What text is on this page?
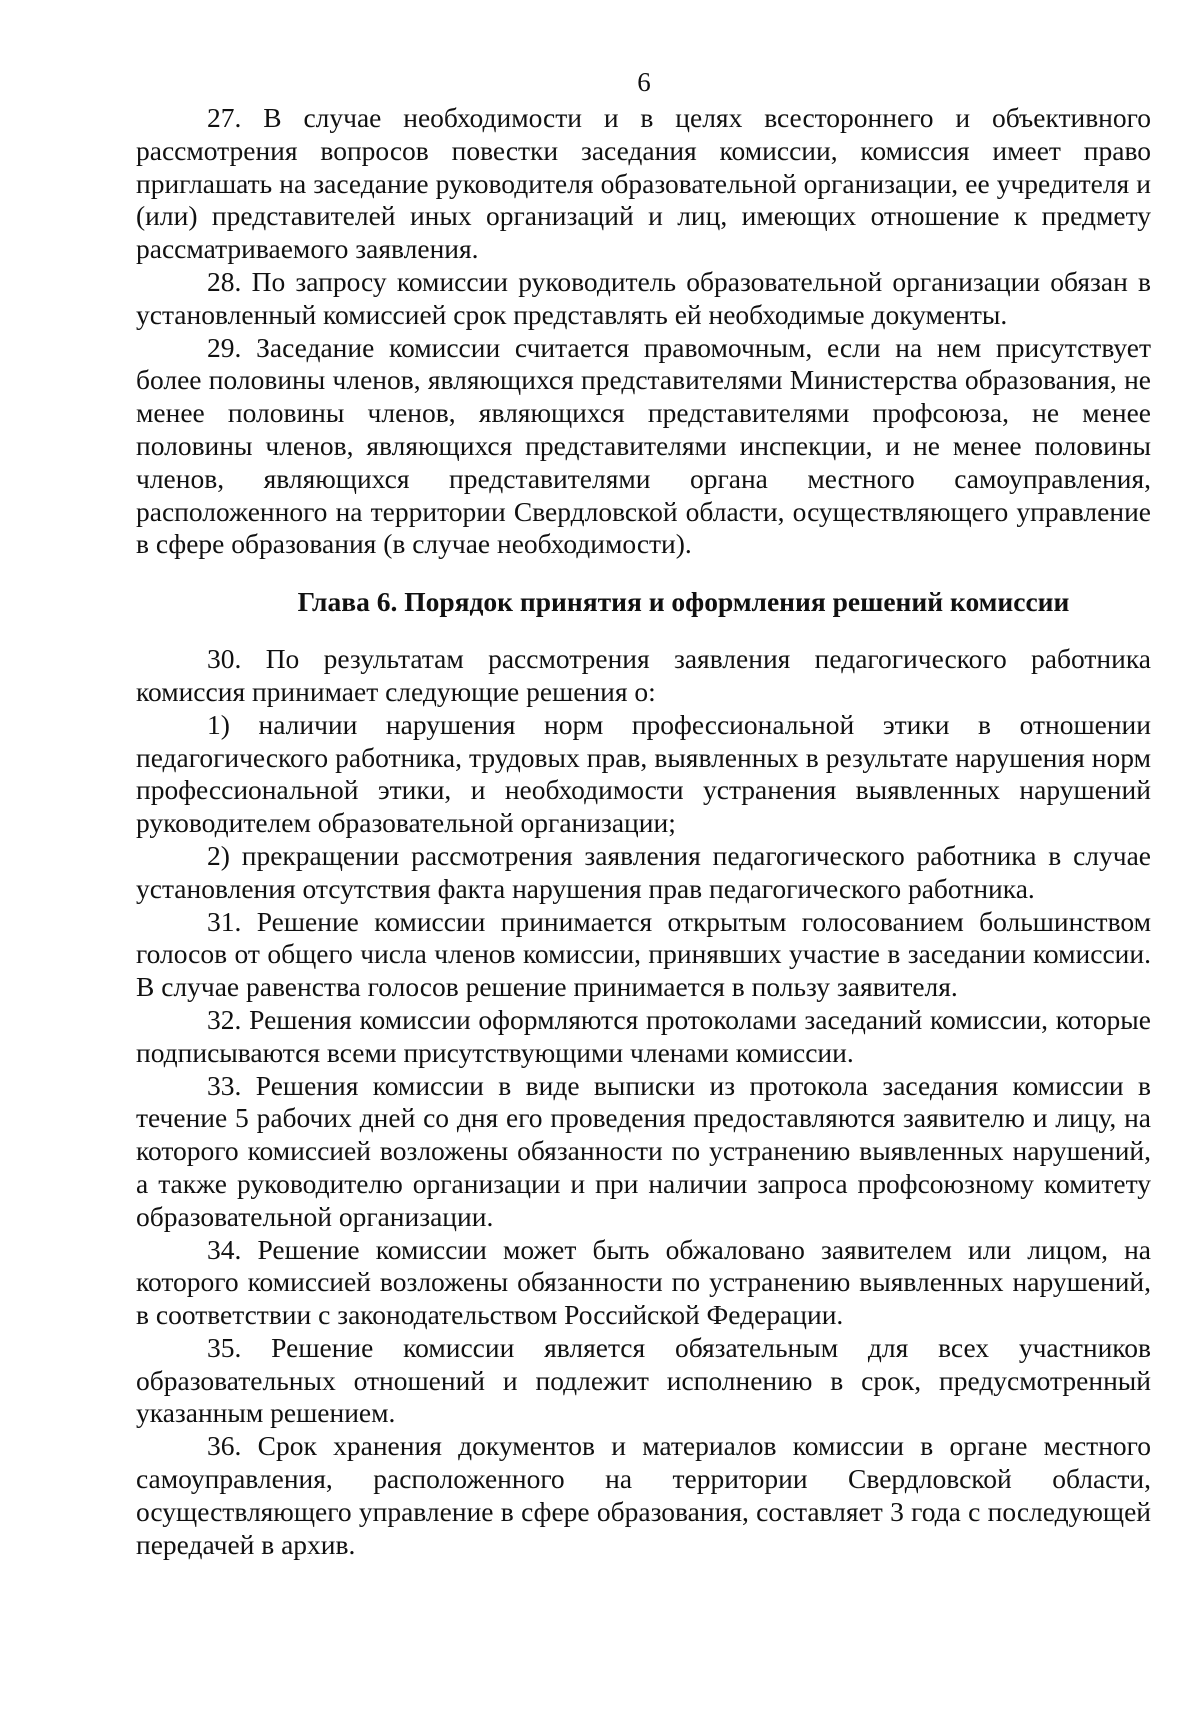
6

27. В случае необходимости и в целях всестороннего и объективного рассмотрения вопросов повестки заседания комиссии, комиссия имеет право приглашать на заседание руководителя образовательной организации, ее учредителя и (или) представителей иных организаций и лиц, имеющих отношение к предмету рассматриваемого заявления.

28. По запросу комиссии руководитель образовательной организации обязан в установленный комиссией срок представлять ей необходимые документы.

29. Заседание комиссии считается правомочным, если на нем присутствует более половины членов, являющихся представителями Министерства образования, не менее половины членов, являющихся представителями профсоюза, не менее половины членов, являющихся представителями инспекции, и не менее половины членов, являющихся представителями органа местного самоуправления, расположенного на территории Свердловской области, осуществляющего управление в сфере образования (в случае необходимости).

Глава 6. Порядок принятия и оформления решений комиссии

30. По результатам рассмотрения заявления педагогического работника комиссия принимает следующие решения о:

1) наличии нарушения норм профессиональной этики в отношении педагогического работника, трудовых прав, выявленных в результате нарушения норм профессиональной этики, и необходимости устранения выявленных нарушений руководителем образовательной организации;

2) прекращении рассмотрения заявления педагогического работника в случае установления отсутствия факта нарушения прав педагогического работника.

31. Решение комиссии принимается открытым голосованием большинством голосов от общего числа членов комиссии, принявших участие в заседании комиссии. В случае равенства голосов решение принимается в пользу заявителя.

32. Решения комиссии оформляются протоколами заседаний комиссии, которые подписываются всеми присутствующими членами комиссии.

33. Решения комиссии в виде выписки из протокола заседания комиссии в течение 5 рабочих дней со дня его проведения предоставляются заявителю и лицу, на которого комиссией возложены обязанности по устранению выявленных нарушений, а также руководителю организации и при наличии запроса профсоюзному комитету образовательной организации.

34. Решение комиссии может быть обжаловано заявителем или лицом, на которого комиссией возложены обязанности по устранению выявленных нарушений, в соответствии с законодательством Российской Федерации.

35. Решение комиссии является обязательным для всех участников образовательных отношений и подлежит исполнению в срок, предусмотренный указанным решением.

36. Срок хранения документов и материалов комиссии в органе местного самоуправления, расположенного на территории Свердловской области, осуществляющего управление в сфере образования, составляет 3 года с последующей передачей в архив.
